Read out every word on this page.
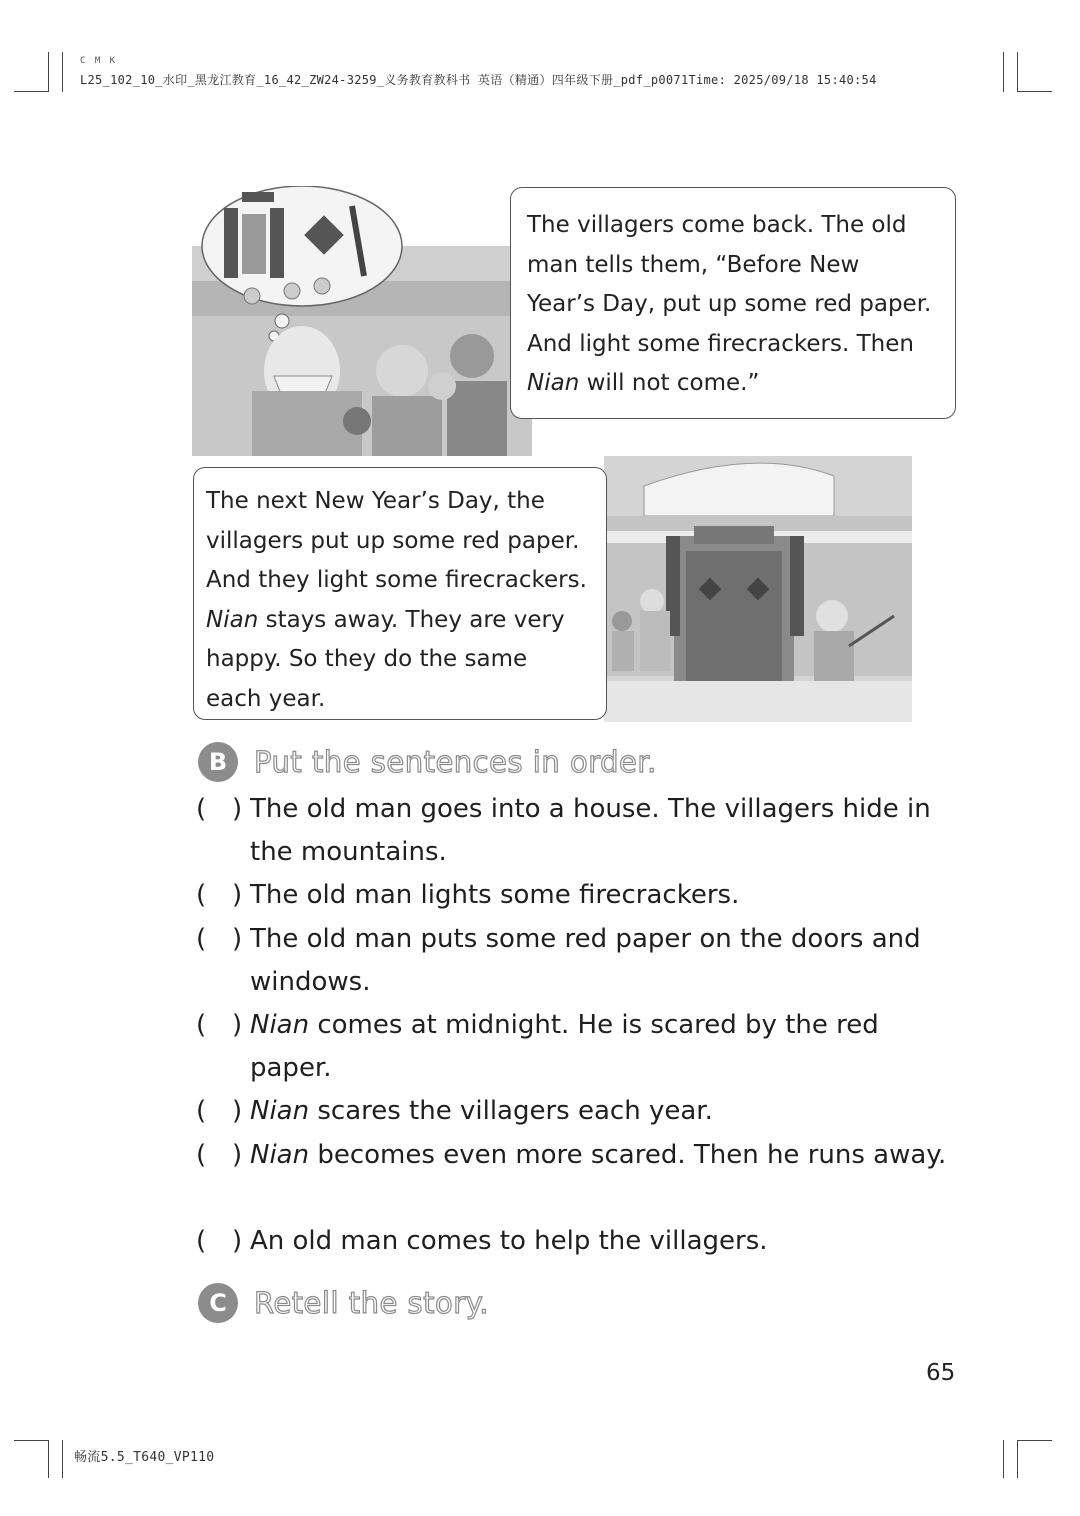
C M K
L25_102_10_水印_黑龙江教育_16_42_ZW24-3259_义务教育教科书 英语（精通）四年级下册_pdf_p0071Time: 2025/09/18 15:40:54

The villagers come back. The old

man tells them, “Before New

Year’s Day, put up some red paper.

And light some firecrackers. Then

Nian will not come.”

The next New Year’s Day, the

villagers put up some red paper.

And they light some firecrackers.

Nian stays away. They are very

happy. So they do the same

each year.

B Put the sentences in order.
( ) The old man goes into a house. The villagers hide in the mountains.
( ) The old man lights some firecrackers.
( ) The old man puts some red paper on the doors and windows.
( ) Nian comes at midnight. He is scared by the red paper.
( ) Nian scares the villagers each year.
( ) Nian becomes even more scared. Then he runs away.
( ) An old man comes to help the villagers.
C Retell the story.
65
畅流5.5_T640_VP110
